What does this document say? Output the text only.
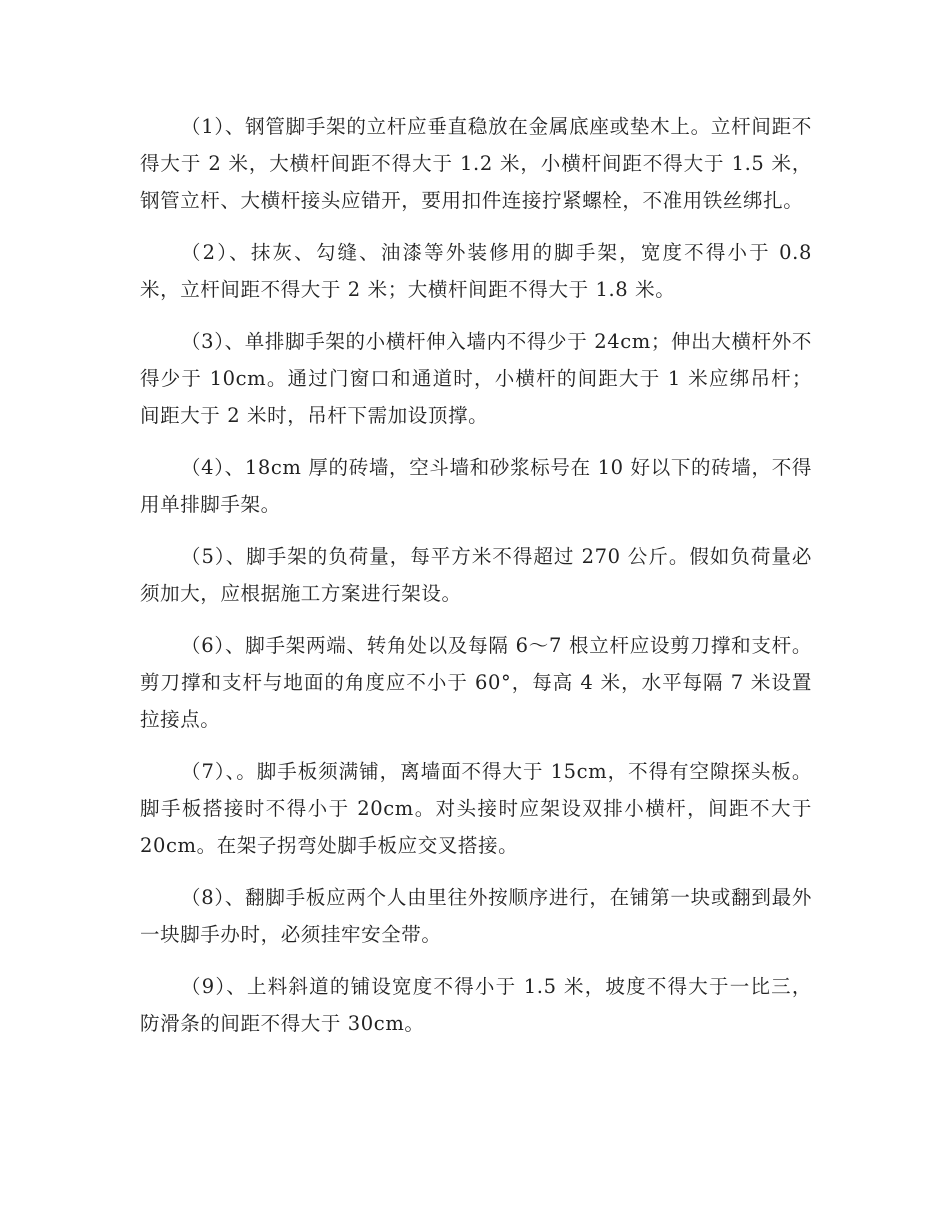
（1）、钢管脚手架的立杆应垂直稳放在金属底座或垫木上。立杆间距不得大于 2 米，大横杆间距不得大于 1.2 米，小横杆间距不得大于 1.5 米，钢管立杆、大横杆接头应错开，要用扣件连接拧紧螺栓，不准用铁丝绑扎。

（2）、抹灰、勾缝、油漆等外装修用的脚手架，宽度不得小于 0.8 米，立杆间距不得大于 2 米；大横杆间距不得大于 1.8 米。

（3）、单排脚手架的小横杆伸入墙内不得少于 24cm；伸出大横杆外不得少于 10cm。通过门窗口和通道时，小横杆的间距大于 1 米应绑吊杆；间距大于 2 米时，吊杆下需加设顶撑。

（4）、18cm 厚的砖墙，空斗墙和砂浆标号在 10 好以下的砖墙，不得用单排脚手架。

（5）、脚手架的负荷量，每平方米不得超过 270 公斤。假如负荷量必须加大，应根据施工方案进行架设。

（6）、脚手架两端、转角处以及每隔 6～7 根立杆应设剪刀撑和支杆。剪刀撑和支杆与地面的角度应不小于 60°，每高 4 米，水平每隔 7 米设置拉接点。

（7）、。脚手板须满铺，离墙面不得大于 15cm，不得有空隙探头板。脚手板搭接时不得小于 20cm。对头接时应架设双排小横杆，间距不大于 20cm。在架子拐弯处脚手板应交叉搭接。

（8）、翻脚手板应两个人由里往外按顺序进行，在铺第一块或翻到最外一块脚手办时，必须挂牢安全带。

（9）、上料斜道的铺设宽度不得小于 1.5 米，坡度不得大于一比三，防滑条的间距不得大于 30cm。
